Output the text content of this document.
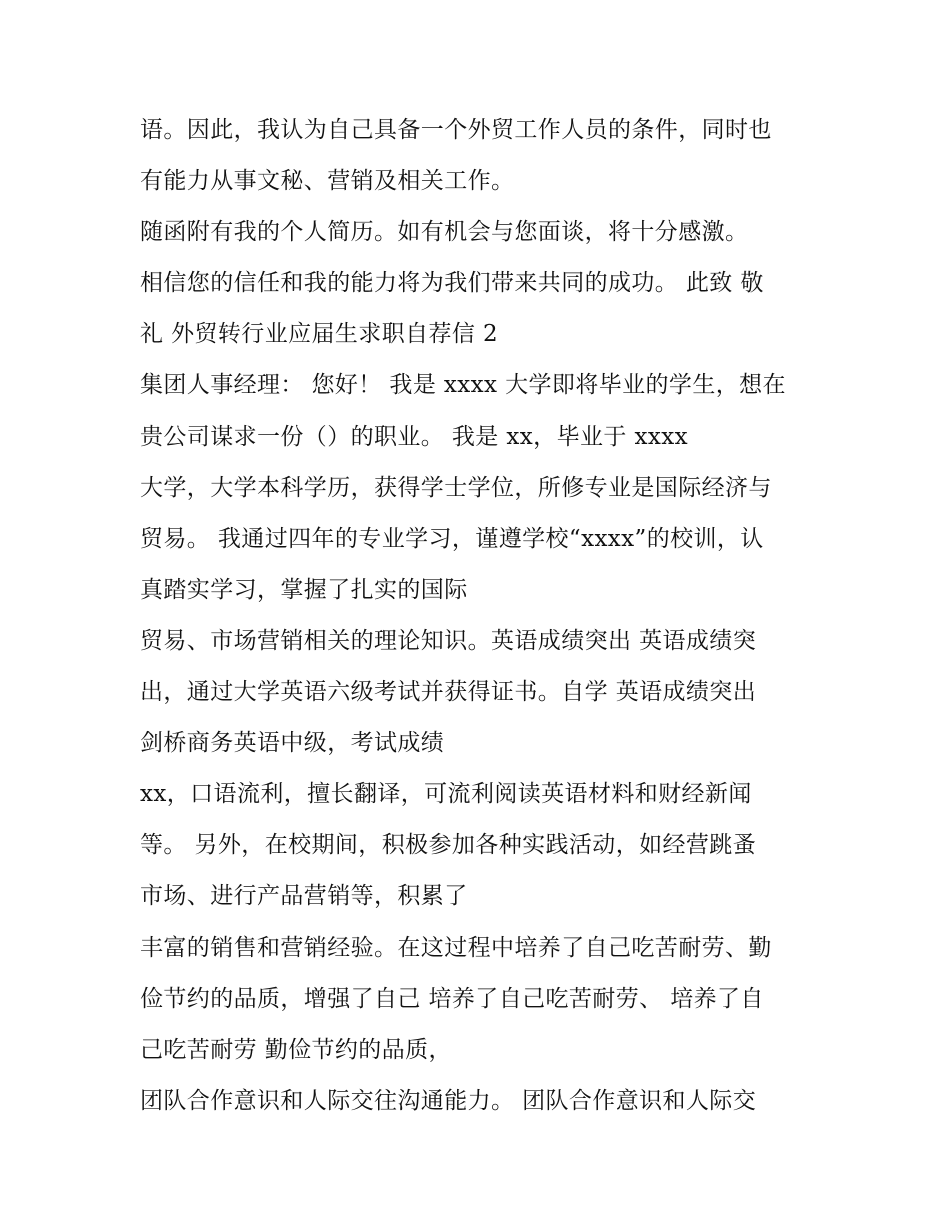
语。因此，我认为自己具备一个外贸工作人员的条件，同时也
有能力从事文秘、营销及相关工作。
随函附有我的个人简历。如有机会与您面谈，将十分感激。
相信您的信任和我的能力将为我们带来共同的成功。 此致 敬
礼 外贸转行业应届生求职自荐信 2
集团人事经理： 您好！ 我是 xxxx 大学即将毕业的学生，想在
贵公司谋求一份（）的职业。 我是 xx，毕业于 xxxx
大学，大学本科学历，获得学士学位，所修专业是国际经济与
贸易。 我通过四年的专业学习，谨遵学校“xxxx”的校训，认
真踏实学习，掌握了扎实的国际
贸易、市场营销相关的理论知识。英语成绩突出 英语成绩突
出，通过大学英语六级考试并获得证书。自学 英语成绩突出
剑桥商务英语中级，考试成绩
xx，口语流利，擅长翻译，可流利阅读英语材料和财经新闻
等。 另外，在校期间，积极参加各种实践活动，如经营跳蚤
市场、进行产品营销等，积累了
丰富的销售和营销经验。在这过程中培养了自己吃苦耐劳、勤
俭节约的品质，增强了自己 培养了自己吃苦耐劳、 培养了自
己吃苦耐劳 勤俭节约的品质，
团队合作意识和人际交往沟通能力。 团队合作意识和人际交
